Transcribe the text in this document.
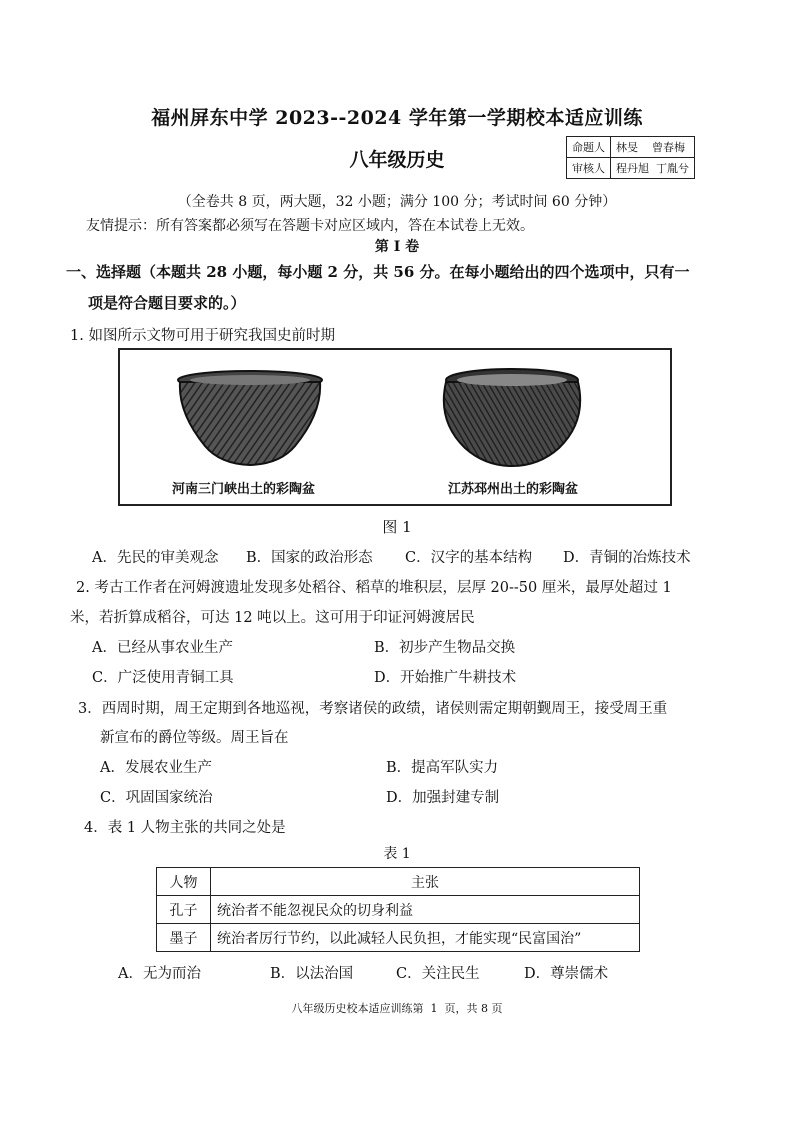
福州屏东中学 2023--2024 学年第一学期校本适应训练
八年级历史
命题人	林旻    曾春梅
审核人	程丹旭  丁胤兮
（全卷共 8 页，两大题，32 小题；满分 100 分；考试时间 60 分钟）
友情提示：所有答案都必须写在答题卡对应区域内，答在本试卷上无效。
第 I 卷
一、选择题（本题共 28 小题，每小题 2 分，共 56 分。在每小题给出的四个选项中，只有一
项是符合题目要求的。）
1. 如图所示文物可用于研究我国史前时期
河南三门峡出土的彩陶盆	江苏邳州出土的彩陶盆
图 1
A．先民的审美观念 B．国家的政治形态 C．汉字的基本结构 D．青铜的冶炼技术
2. 考古工作者在河姆渡遗址发现多处稻谷、稻草的堆积层，层厚 20--50 厘米，最厚处超过 1
米，若折算成稻谷，可达 12 吨以上。这可用于印证河姆渡居民
A．已经从事农业生产	B．初步产生物品交换
C．广泛使用青铜工具	D．开始推广牛耕技术
3．西周时期，周王定期到各地巡视，考察诸侯的政绩，诸侯则需定期朝觐周王，接受周王重
新宣布的爵位等级。周王旨在
A．发展农业生产	B．提高军队实力
C．巩固国家统治	D．加强封建专制
4．表 1 人物主张的共同之处是
表 1
人物	主张
孔子	统治者不能忽视民众的切身利益
墨子	统治者厉行节约，以此减轻人民负担，才能实现“民富国治”
A．无为而治	B．以法治国	C．关注民生	D．尊崇儒术
八年级历史校本适应训练第  1  页，共 8 页
